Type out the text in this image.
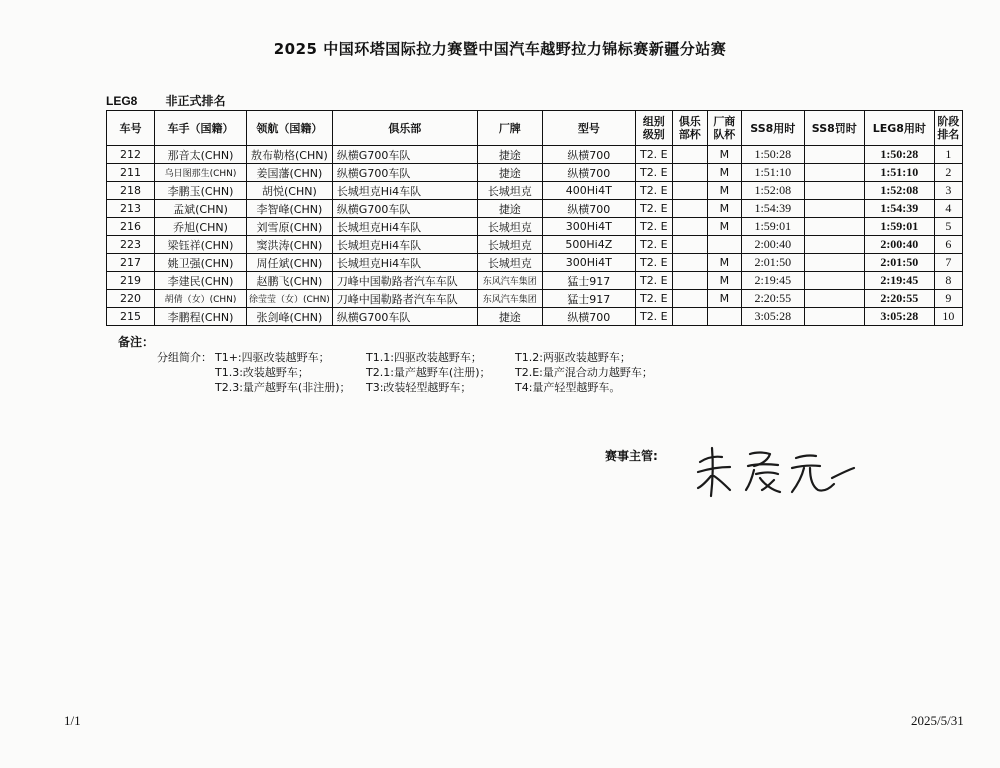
2025 中国环塔国际拉力赛暨中国汽车越野拉力锦标赛新疆分站赛
LEG8 非正式排名
车号	车手（国籍）	领航（国籍）	俱乐部	厂牌	型号	组别级别	俱乐部杯	厂商队杯	SS8用时	SS8罚时	LEG8用时	阶段排名
212	那音太(CHN)	敖布勒格(CHN)	纵横G700车队	捷途	纵横700	T2. E		M	1:50:28		1:50:28	1
211	乌日图那生(CHN)	姜国藩(CHN)	纵横G700车队	捷途	纵横700	T2. E		M	1:51:10		1:51:10	2
218	李鹏玉(CHN)	胡悦(CHN)	长城坦克Hi4车队	长城坦克	400Hi4T	T2. E		M	1:52:08		1:52:08	3
213	孟斌(CHN)	李智峰(CHN)	纵横G700车队	捷途	纵横700	T2. E		M	1:54:39		1:54:39	4
216	乔旭(CHN)	刘雪原(CHN)	长城坦克Hi4车队	长城坦克	300Hi4T	T2. E		M	1:59:01		1:59:01	5
223	梁钰祥(CHN)	窦洪涛(CHN)	长城坦克Hi4车队	长城坦克	500Hi4Z	T2. E			2:00:40		2:00:40	6
217	姚卫强(CHN)	周任斌(CHN)	长城坦克Hi4车队	长城坦克	300Hi4T	T2. E		M	2:01:50		2:01:50	7
219	李建民(CHN)	赵鹏飞(CHN)	刀峰中国勒路者汽车车队	东风汽车集团	猛士917	T2. E		M	2:19:45		2:19:45	8
220	胡倩（女）(CHN)	徐莹莹（女）(CHN)	刀峰中国勒路者汽车车队	东风汽车集团	猛士917	T2. E		M	2:20:55		2:20:55	9
215	李鹏程(CHN)	张剑峰(CHN)	纵横G700车队	捷途	纵横700	T2. E			3:05:28		3:05:28	10
备注：
分组简介： T1+:四驱改装越野车；	T1.1:四驱改装越野车；	T1.2:两驱改装越野车；
T1.3:改装越野车；	T2.1:量产越野车(注册)； T2.E:量产混合动力越野车；
T2.3:量产越野车(非注册)； T3:改装轻型越野车；	T4:量产轻型越野车。
赛事主管:
1/1	2025/5/31
